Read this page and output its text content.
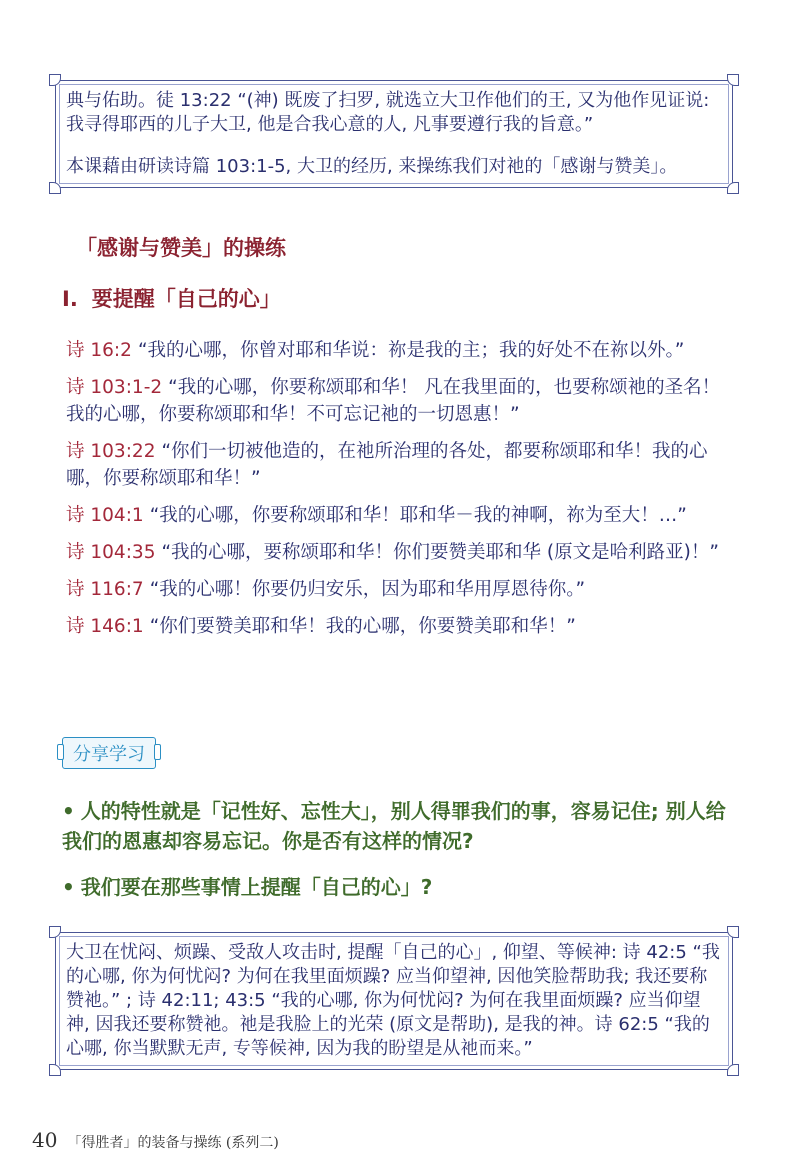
典与佑助。徒 13:22 “(神) 既废了扫罗, 就选立大卫作他们的王, 又为他作见证说: 我寻得耶西的儿子大卫, 他是合我心意的人, 凡事要遵行我的旨意。”

本课藉由研读诗篇 103:1-5, 大卫的经历, 来操练我们对祂的「感谢与赞美」。

「感谢与赞美」的操练
I. 要提醒「自己的心」

诗 16:2 “我的心哪，你曾对耶和华说：祢是我的主；我的好处不在祢以外。”

诗 103:1-2 “我的心哪，你要称颂耶和华！ 凡在我里面的，也要称颂祂的圣名！我的心哪，你要称颂耶和华！不可忘记祂的一切恩惠！”

诗 103:22 “你们一切被他造的，在祂所治理的各处，都要称颂耶和华！我的心哪，你要称颂耶和华！”

诗 104:1 “我的心哪，你要称颂耶和华！耶和华－我的神啊，祢为至大！…”

诗 104:35 “我的心哪，要称颂耶和华！你们要赞美耶和华 (原文是哈利路亚)！”

诗 116:7 “我的心哪！你要仍归安乐，因为耶和华用厚恩待你。”

诗 146:1 “你们要赞美耶和华！我的心哪，你要赞美耶和华！”

分享学习

• 人的特性就是「记性好、忘性大」，别人得罪我们的事，容易记住; 别人给我们的恩惠却容易忘记。你是否有这样的情况?

• 我们要在那些事情上提醒「自己的心」?

大卫在忧闷、烦躁、受敌人攻击时, 提醒「自己的心」, 仰望、等候神: 诗 42:5 “我的心哪, 你为何忧闷? 为何在我里面烦躁? 应当仰望神, 因他笑脸帮助我; 我还要称赞祂。” ; 诗 42:11; 43:5 “我的心哪, 你为何忧闷? 为何在我里面烦躁? 应当仰望神, 因我还要称赞祂。祂是我脸上的光荣 (原文是帮助), 是我的神。诗 62:5 “我的心哪, 你当默默无声, 专等候神, 因为我的盼望是从祂而来。”

40 「得胜者」的装备与操练 (系列二)
